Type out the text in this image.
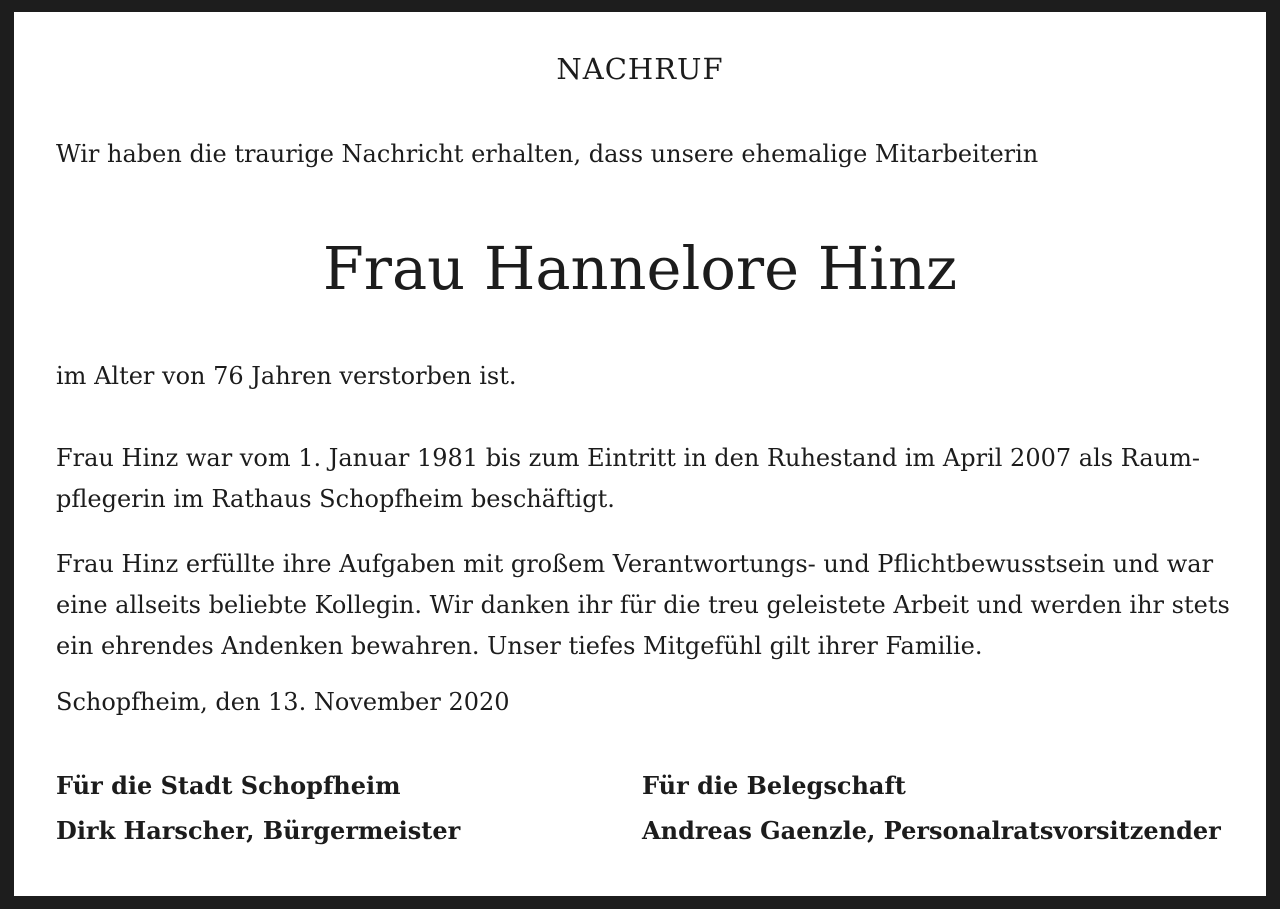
NACHRUF
Wir haben die traurige Nachricht erhalten, dass unsere ehemalige Mitarbeiterin
Frau Hannelore Hinz
im Alter von 76 Jahren verstorben ist.
Frau Hinz war vom 1. Januar 1981 bis zum Eintritt in den Ruhestand im April 2007 als Raum-
pflegerin im Rathaus Schopfheim beschäftigt.
Frau Hinz erfüllte ihre Aufgaben mit großem Verantwortungs- und Pflichtbewusstsein und war
eine allseits beliebte Kollegin. Wir danken ihr für die treu geleistete Arbeit und werden ihr stets
ein ehrendes Andenken bewahren. Unser tiefes Mitgefühl gilt ihrer Familie.
Schopfheim, den 13. November 2020
Für die Stadt Schopfheim
Dirk Harscher, Bürgermeister
Für die Belegschaft
Andreas Gaenzle, Personalratsvorsitzender
